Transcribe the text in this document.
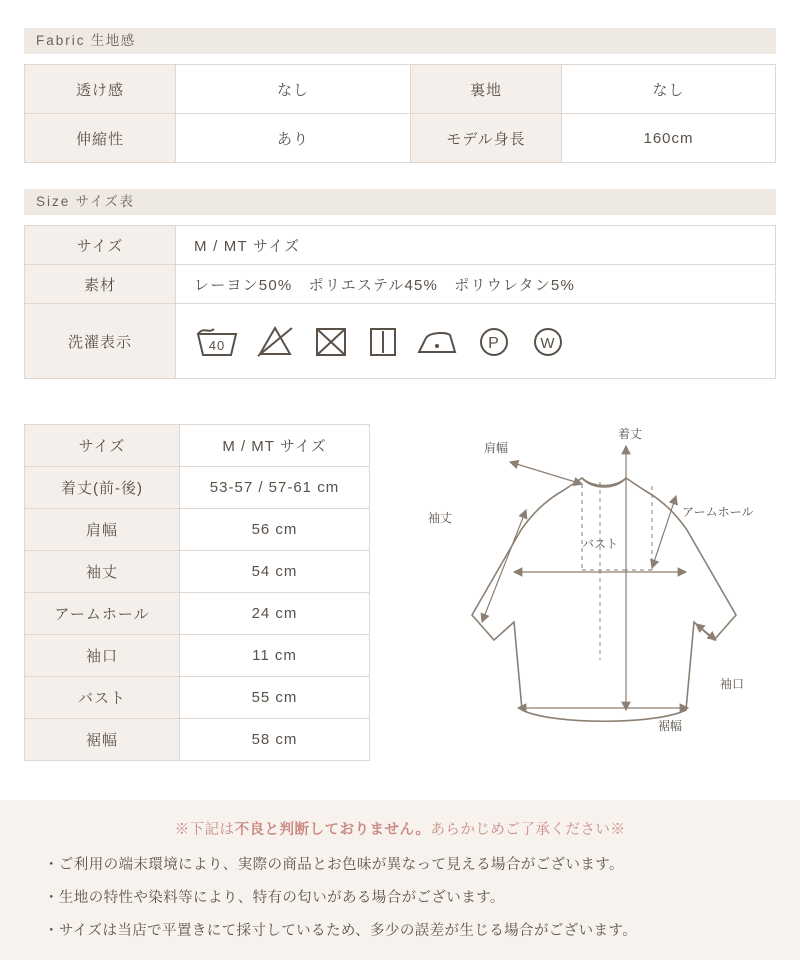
Fabric 生地感
透け感	なし	裏地	なし
伸縮性	あり	モデル身長	160cm
Size サイズ表
サイズ	M / MT サイズ
素材	レーヨン50%　ポリエステル45%　ポリウレタン5%
洗濯表示	40 P W
サイズ	M / MT サイズ
着丈(前-後)	53-57 / 57-61 cm
肩幅	56 cm
袖丈	54 cm
アームホール	24 cm
袖口	11 cm
バスト	55 cm
裾幅	58 cm
肩幅
着丈
袖丈	アームホール
バスト
袖口
裾幅
※下記は不良と判断しておりません。あらかじめご了承ください※
・ご利用の端末環境により、実際の商品とお色味が異なって見える場合がございます。
・生地の特性や染料等により、特有の匂いがある場合がございます。
・サイズは当店で平置きにて採寸しているため、多少の誤差が生じる場合がございます。
